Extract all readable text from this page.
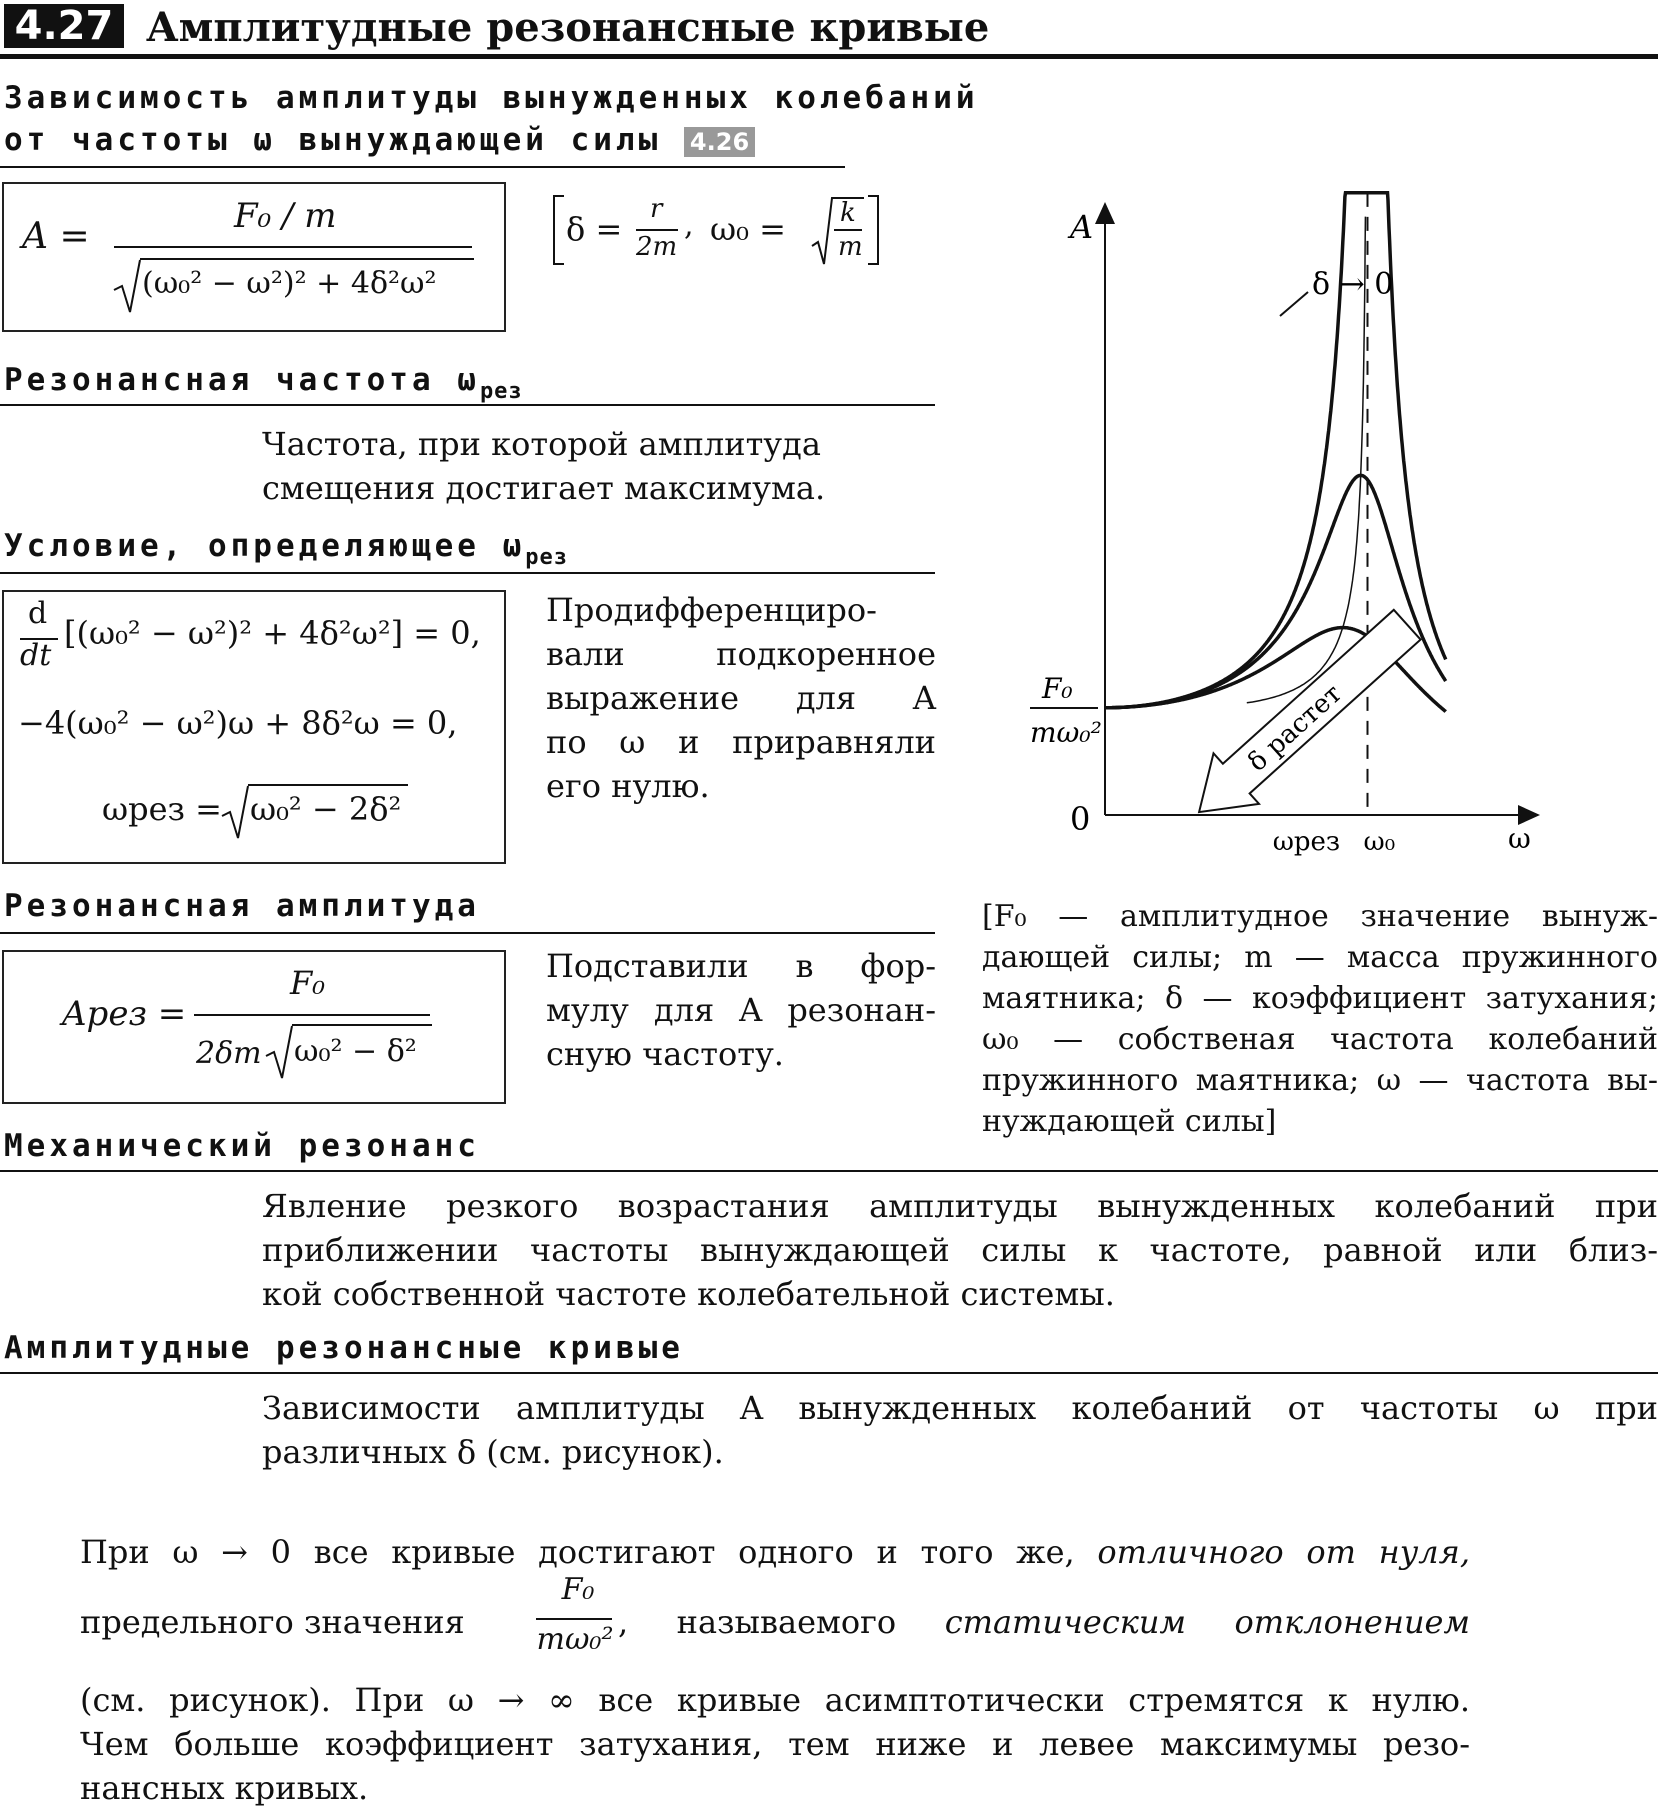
4.27 Амплитудные резонансные кривые
Зависимость амплитуды вынужденных колебаний
от частоты ω вынуждающей силы 4.26
A =	F₀ / m
(ω₀² − ω²)² + 4δ²ω²
δ =
r
2m
, ω₀ = k
m
Резонансная частота $\omega_{рез}$
Частота, при которой амплитуда
смещения достигает максимума.
Условие, определяющее $\omega_{рез}$
d
dt
[(ω₀² − ω²)² + 4δ²ω²] = 0,
−4(ω₀² − ω²)ω + 8δ²ω = 0,
ωрез = ω₀² − 2δ²
Продифференциро-
вали подкоренное
выражение для A
по ω и приравняли
его нулю.
Резонансная амплитуда
Aрез =
F₀
2δm ω₀² − δ²
Подставили в фор-
мулу для A резонан-
сную частоту.
A
ω
0
F₀
mω₀²
ωрез ω₀
δ → 0
δ растет
[F₀ — амплитудное значение вынуж-
дающей силы; m — масса пружинного
маятника; δ — коэффициент затухания;
ω₀ — собственая частота колебаний
пружинного маятника; ω — частота вы-
нуждающей силы]
Механический резонанс
Явление резкого возрастания амплитуды вынужденных колебаний при
приближении частоты вынуждающей силы к частоте, равной или близ-
кой собственной частоте колебательной системы.
Амплитудные резонансные кривые
Зависимости амплитуды A вынужденных колебаний от частоты ω при
различных δ (см. рисунок).
При ω → 0 все кривые достигают одного и того же, отличного от нуля,
предельного значения
F₀
mω₀² , называемого статическим отклонением
(см. рисунок). При ω → ∞ все кривые асимптотически стремятся к нулю.
Чем больше коэффициент затухания, тем ниже и левее максимумы резо-
нансных кривых.
